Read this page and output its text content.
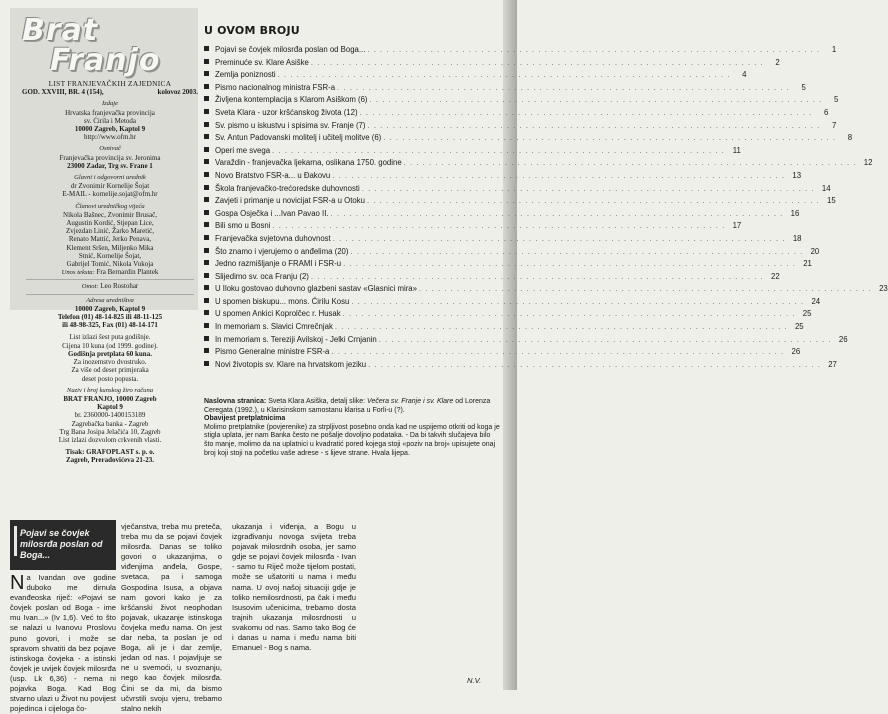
Brat
Franjo
LIST FRANJEVAČKIH ZAJEDNICA
GOD. XXVIII, BR. 4 (154),	kolovoz 2003.
Izdaje
Hrvatska franjevačka provincija
sv. Ćirila i Metoda
10000 Zagreb, Kaptol 9
http://www.ofm.hr
Osnivač
Franjevačka provincija sv. Jeronima
23000 Zadar, Trg sv. Frane 1
Glavni i odgovorni urednik
dr Zvonimir Kornelije Šojat
E-MAIL - kornelije.sojat@ofm.hr
Članovi uredničkog vijeća
Nikola Bašnec, Zvonimir Brusač,
Augustin Kordić, Stjepan Lice,
Zvjezdan Linić, Žarko Maretić,
Renato Mattić, Jerko Penava,
Klement Sršen, Miljenko Mika
Stnić, Kornelije Šojat,
Gabrijel Tomić, Nikola Vukoja
Unos teksta: Fra Bernardin Plantek
Omot: Leo Rostohar
Adresa uredništva
10000 Zagreb, Kaptol 9
Telefon (01) 48-14-825 ili 48-11-125
ili 48-98-325, Fax (01) 48-14-171
List izlazi šest puta godišnje.
Cijena 10 kuna (od 1999. godine).
Godišnja pretplata 60 kuna.
Za inozemstvo dvostruko.
Za više od deset primjeraka
deset posto popusta.
Naziv i broj kunskog žiro računa
BRAT FRANJO, 10000 Zagreb
Kaptol 9
br. 2360000-1400153189
Zagrebačka banka - Zagreb
Trg Bana Josipa Jelačića 10, Zagreb
List izlazi dozvolom crkvenih vlasti.
Tisak: GRAFOPLAST s. p. o.
Zagreb, Preradovićeva 21-23.
U OVOM BROJU
Pojavi se čovjek milosrđa poslan od Boga... . . .	1
Preminuće sv. Klare Asiške . . .	2
Zemlja poniznosti . . .	4
Pismo nacionalnog ministra FSR-a . . .	5
Življena kontemplacija s Klarom Asiškom (6) . . .	5
Sveta Klara - uzor kršćanskog života (12) . . .	6
Sv. pismo u iskustvu i spisima sv. Franje (7) . . .	7
Sv. Antun Padovanski molitelj i učitelj molitve (6) . . .	8
Operi me svega . . .	11
Varaždin - franjevačka ljekarna, oslikana 1750. godine . . .	12
Novo Bratstvo FSR-a... u Đakovu . . .	13
Škola franjevačko-trećoredske duhovnosti . . .	14
Zavjeti i primanje u novicijat FSR-a u Otoku . . .	15
Gospa Osječka i ...Ivan Pavao II. . . .	16
Bili smo u Bosni . . .	17
Franjevačka svjetovna duhovnost . . .	18
Što znamo i vjerujemo o anđelima (20) . . .	20
Jedno razmišljanje o FRAMI i FSR-u . . .	21
Slijedimo sv. oca Franju (2) . . .	22
U Iloku gostovao duhovno glazbeni sastav «Glasnici mira» . . .	23
U spomen biskupu... mons. Ćirilu Kosu . . .	24
U spomen Ankici Koprolčec r. Husak . . .	25
In memoriam s. Slavici Cmrečnjak . . .	25
In memoriam s. Tereziji Avilskoj - Jelki Crnjanin . . .	26
Pismo Generalne ministre FSR-a . . .	26
Novi životopis sv. Klare na hrvatskom jeziku . . .	27
Naslovna stranica: Sveta Klara Asiška, detalj slike: Večera sv. Franje i sv. Klare od Lorenza Ceregata (1992.), u Klarisinskom samostanu klarisa u Forli-u (?).
Obavijest pretplatnicima
Molimo pretplatnike (povjerenike) za strpljivost posebno onda kad ne uspijemo otkriti od koga je stigla uplata, jer nam Banka često ne pošalje dovoljno podataka. - Da bi takvih slučajeva bilo što manje, molimo da na uplatnici u kvadratić pored kojega stoji «poziv na broj» upisujete onaj broj koji stoji na početku vaše adrese - s lijeve strane. Hvala lijepa.
Pojavi se čovjek milosrđa poslan od Boga...
Na Ivandan ove godine duboko me dirnula evanđeoska riječ: «Pojavi se čovjek poslan od Boga - ime mu Ivan...» (Iv 1,6). Već to što se nalazi u Ivanovu Proslovu puno govori, i može se spravom shvatiti da bez pojave istinskoga čovjeka - a istinski čovjek je uvijek čovjek milosrđa (usp. Lk 6,36) - nema ni pojavka Boga. Kad Bog stvarno ulazi u Život nu povijest pojedinca i cijeloga čo-
vječanstva, treba mu preteča, treba mu da se pojavi čovjek milosrđa. Danas se toliko govori o ukazanjima, o viđenjima anđela, Gospe, svetaca, pa i samoga Gospodina Isusa, a objava nam govori kako je za kršćanski život neophodan pojavak, ukazanje istinskoga čovjeka među nama. On jest dar neba, ta poslan je od Boga, ali je i dar zemlje, jedan od nas. I pojavljuje se ne u svemoći, u svoznanju, nego kao čovjek milosrđa. Čini se da mi, da bismo učvrstili svoju vjeru, trebamo stalno nekih
ukazanja i viđenja, a Bogu u izgrađivanju novoga svijeta treba pojavak milosrdnih osoba, jer samo gdje se pojavi čovjek milosrđa - Ivan - samo tu Riječ može tijelom postati, može se ušatoriti u nama i među nama. U ovoj našoj situaciji gdje je toliko nemilosrdnosti, pa čak i među Isusovim učenicima, trebamo dosta trajnih ukazanja milosrdnosti u svakomu od nas. Samo tako Bog će i danas u nama i među nama biti Emanuel - Bog s nama.
N.V.
